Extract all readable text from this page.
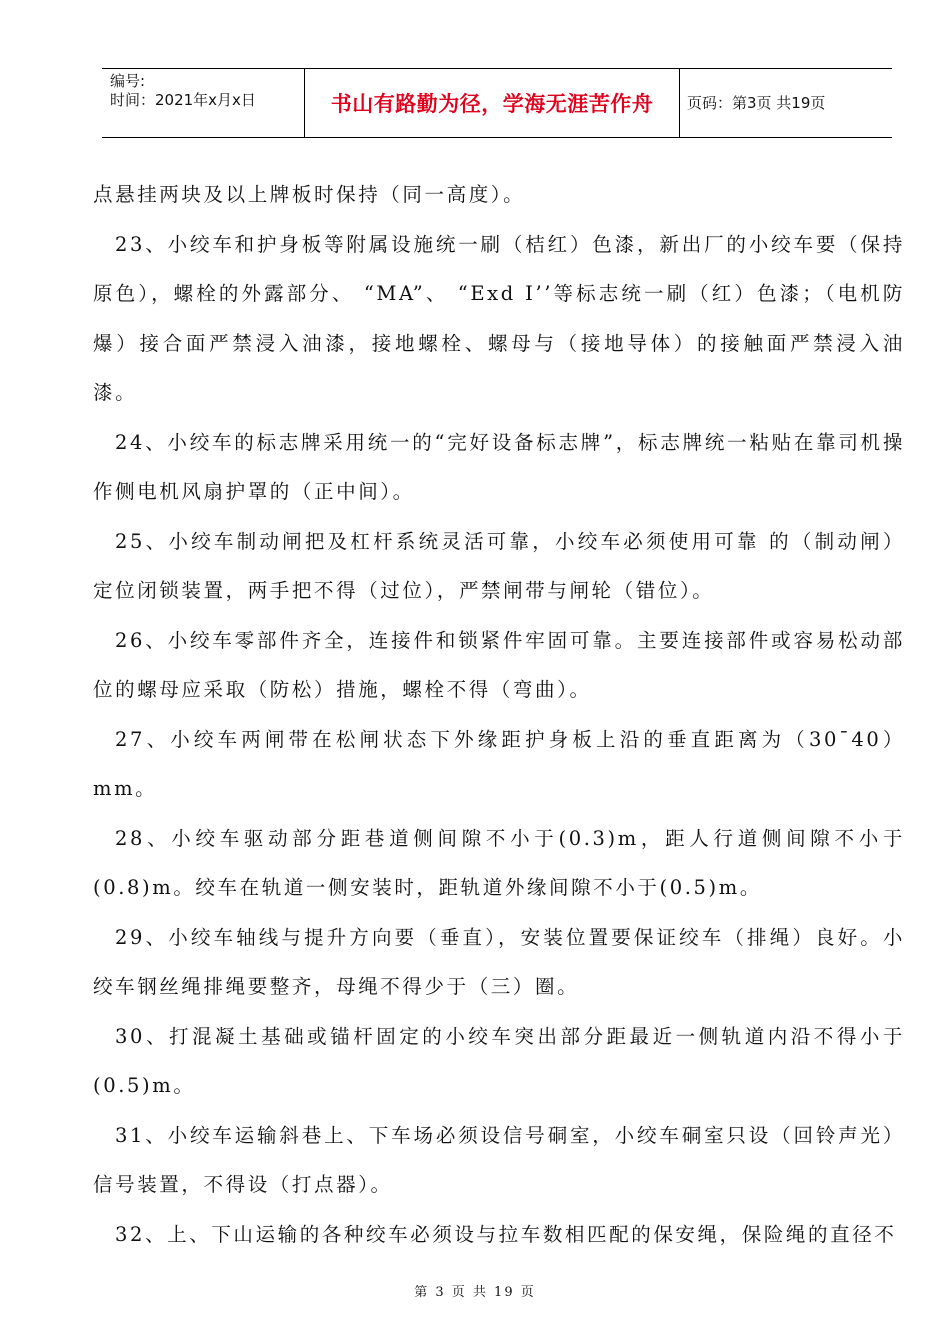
编号:
时间：2021年x月x日	书山有路勤为径，学海无涯苦作舟 页码：第3页 共19页

点悬挂两块及以上牌板时保持（同一高度）。

23、小绞车和护身板等附属设施统一刷（桔红）色漆，新出厂的小绞车要（保持原色），螺栓的外露部分、 “MA”、 “Exd I’’等标志统一刷（红）色漆；（电机防爆）接合面严禁浸入油漆，接地螺栓、螺母与（接地导体）的接触面严禁浸入油漆。

24、小绞车的标志牌采用统一的“完好设备标志牌”，标志牌统一粘贴在靠司机操作侧电机风扇护罩的（正中间）。

25、小绞车制动闸把及杠杆系统灵活可靠，小绞车必须使用可靠 的（制动闸）定位闭锁装置，两手把不得（过位），严禁闸带与闸轮（错位）。

26、小绞车零部件齐全，连接件和锁紧件牢固可靠。主要连接部件或容易松动部位的螺母应采取（防松）措施，螺栓不得（弯曲）。

27、小绞车两闸带在松闸状态下外缘距护身板上沿的垂直距离为（30¯40）mm。

28、小绞车驱动部分距巷道侧间隙不小于(0.3)m，距人行道侧间隙不小于(0.8)m。绞车在轨道一侧安装时，距轨道外缘间隙不小于(0.5)m。

29、小绞车轴线与提升方向要（垂直），安装位置要保证绞车（排绳）良好。小绞车钢丝绳排绳要整齐，母绳不得少于（三）圈。

30、打混凝土基础或锚杆固定的小绞车突出部分距最近一侧轨道内沿不得小于(0.5)m。

31、小绞车运输斜巷上、下车场必须设信号硐室，小绞车硐室只设（回铃声光）信号装置，不得设（打点器）。

32、上、下山运输的各种绞车必须设与拉车数相匹配的保安绳，保险绳的直径不

第 3 页 共 19 页
